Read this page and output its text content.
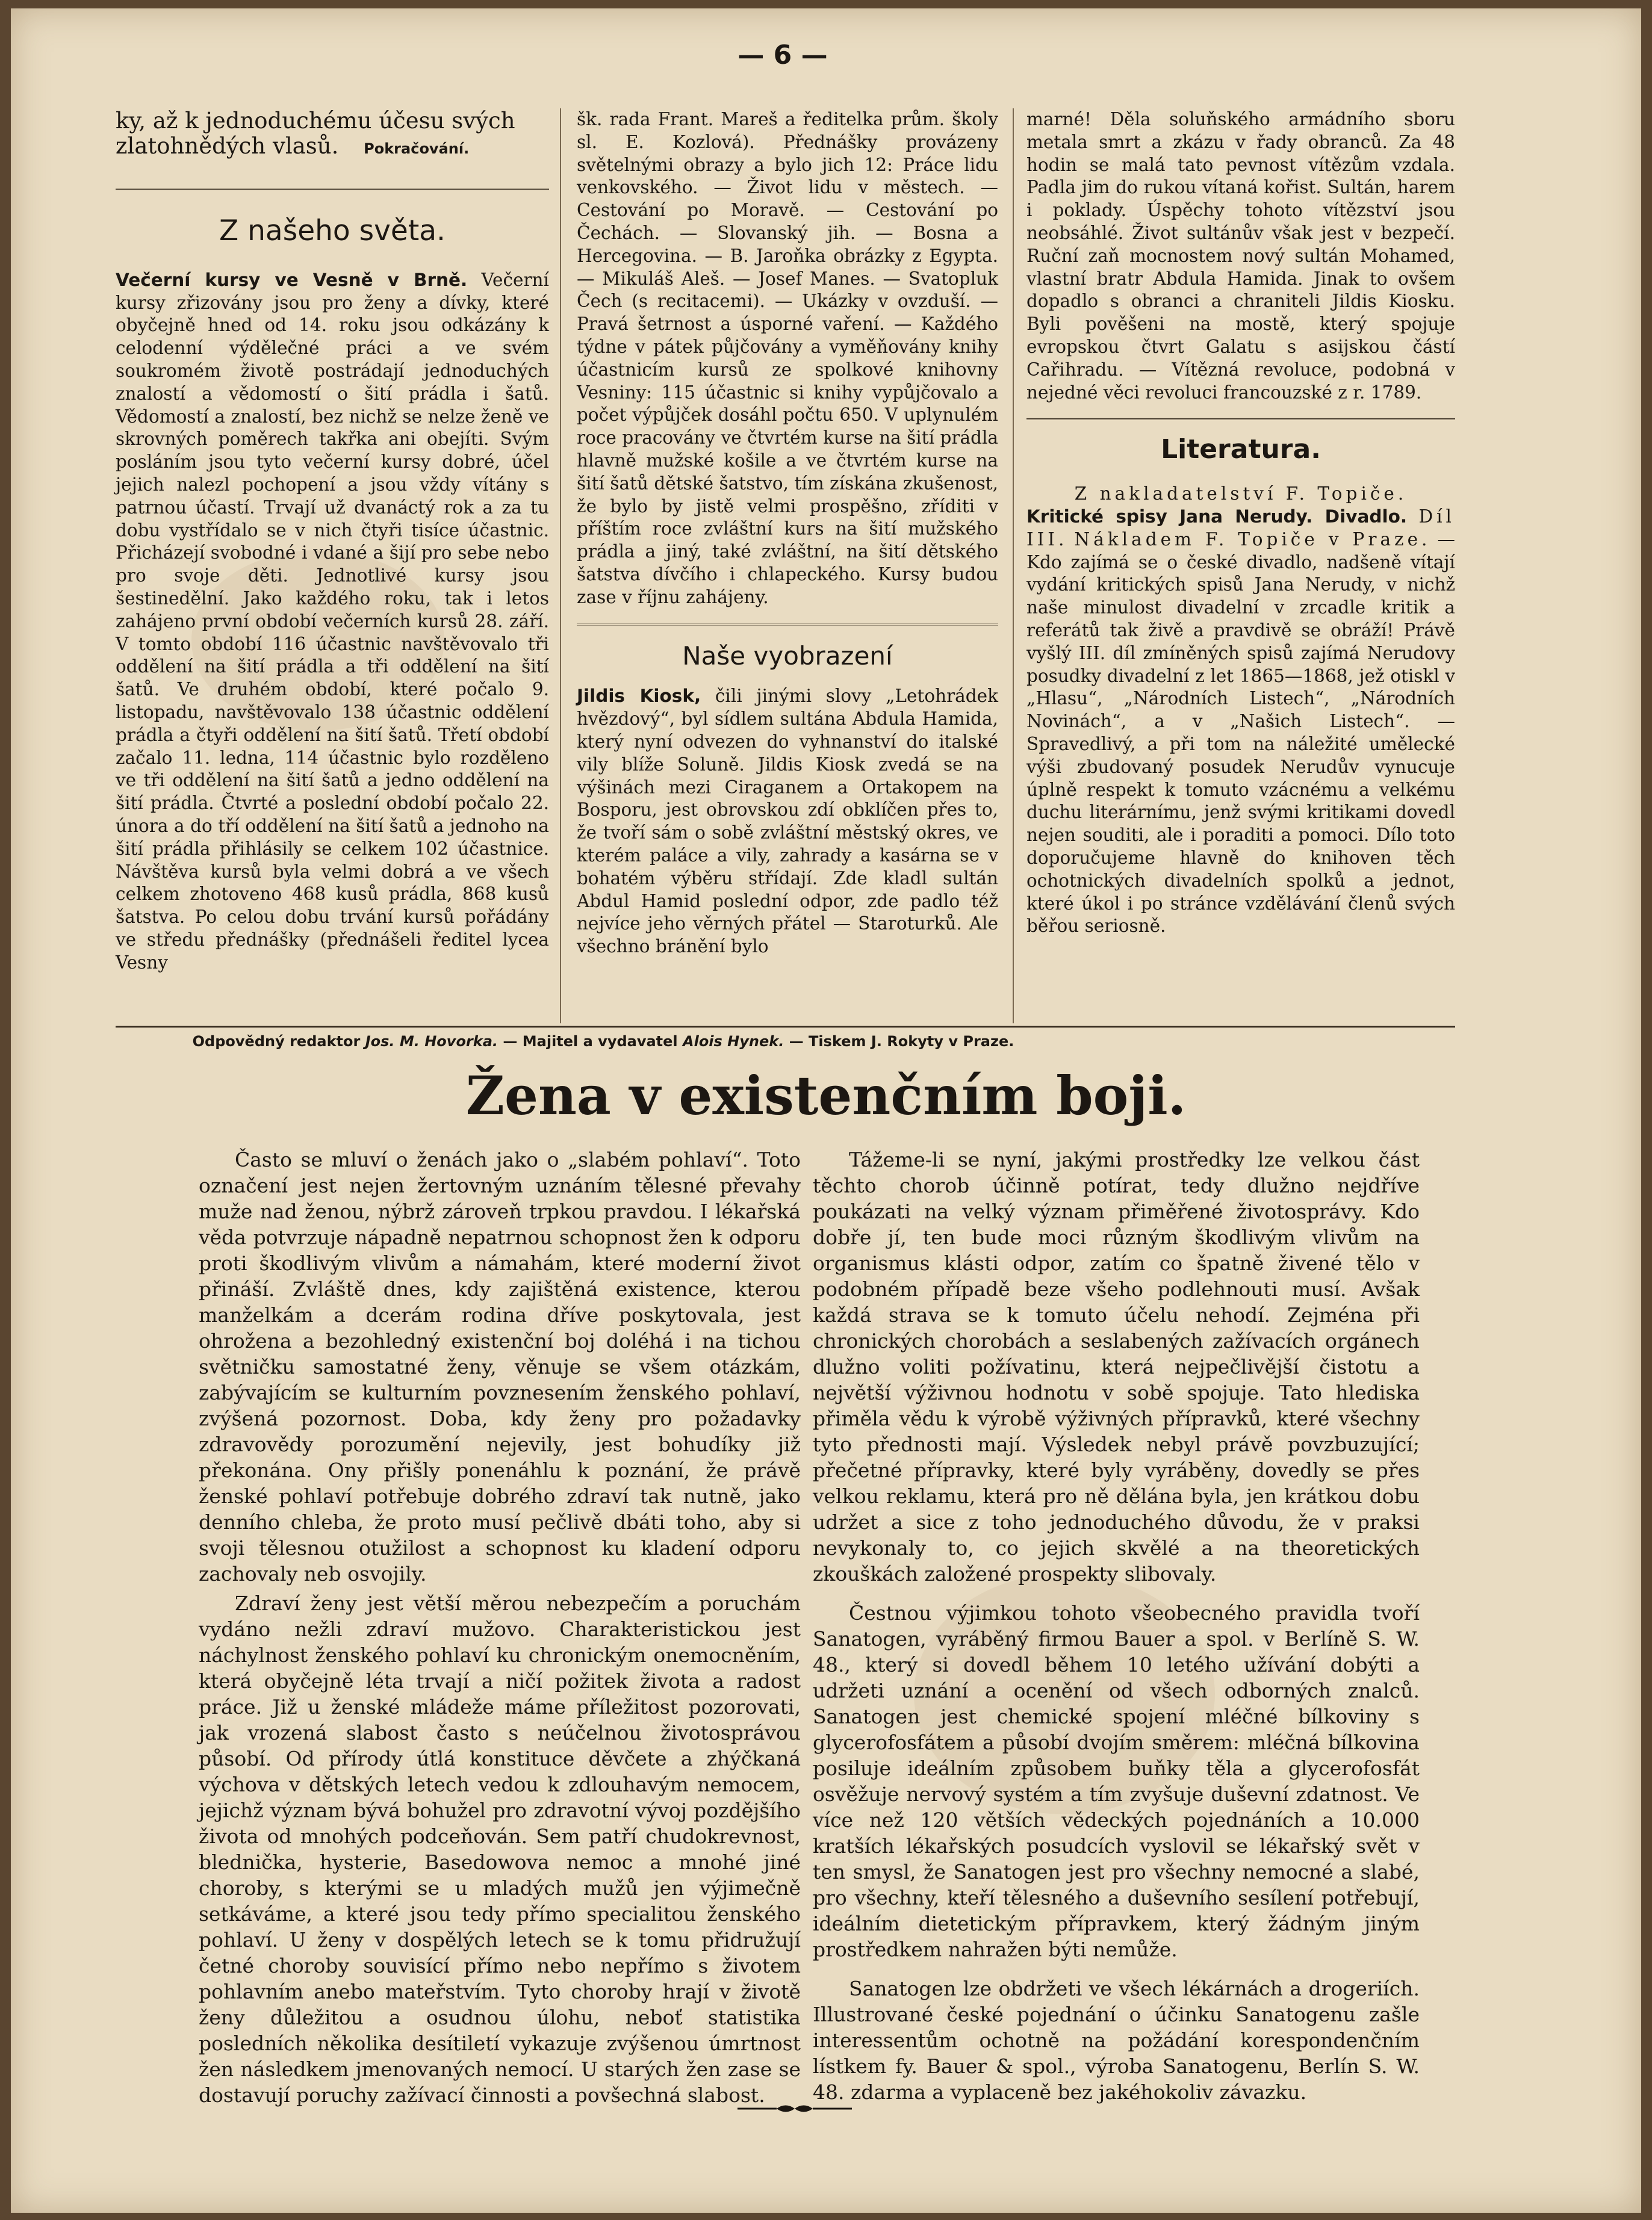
— 6 —

ky, až k jednoduchému účesu svých zlatohnědých vlasů. Pokračování.

Z našeho světa.

Večerní kursy ve Vesně v Brně. Večerní kursy zřizovány jsou pro ženy a dívky, které obyčejně hned od 14. roku jsou odkázány k celodenní výdělečné práci a ve svém soukromém životě postrádají jednoduchých znalostí a vědomostí o šití prádla i šatů. Vědomostí a znalostí, bez nichž se nelze ženě ve skrovných poměrech takřka ani obejíti. Svým posláním jsou tyto večerní kursy dobré, účel jejich nalezl pochopení a jsou vždy vítány s patrnou účastí. Trvají už dvanáctý rok a za tu dobu vystřídalo se v nich čtyři tisíce účastnic. Přicházejí svobodné i vdané a šijí pro sebe nebo pro svoje děti. Jednotlivé kursy jsou šestinedělní. Jako každého roku, tak i letos zahájeno první období večerních kursů 28. září. V tomto období 116 účastnic navštěvovalo tři oddělení na šití prádla a tři oddělení na šití šatů. Ve druhém období, které počalo 9. listopadu, navštěvovalo 138 účastnic oddělení prádla a čtyři oddělení na šití šatů. Třetí období začalo 11. ledna, 114 účastnic bylo rozděleno ve tři oddělení na šití šatů a jedno oddělení na šití prádla. Čtvrté a poslední období počalo 22. února a do tří oddělení na šití šatů a jednoho na šití prádla přihlásily se celkem 102 účastnice. Návštěva kursů byla velmi dobrá a ve všech celkem zhotoveno 468 kusů prádla, 868 kusů šatstva. Po celou dobu trvání kursů pořádány ve středu přednášky (přednášeli ředitel lycea Vesny

šk. rada Frant. Mareš a ředitelka prům. školy sl. E. Kozlová). Přednášky provázeny světelnými obrazy a bylo jich 12: Práce lidu venkovského. — Život lidu v městech. — Cestování po Moravě. — Cestování po Čechách. — Slovanský jih. — Bosna a Hercegovina. — B. Jaroňka obrázky z Egypta. — Mikuláš Aleš. — Josef Manes. — Svatopluk Čech (s recitacemi). — Ukázky v ovzduší. — Pravá šetrnost a úsporné vaření. — Každého týdne v pátek půjčovány a vyměňovány knihy účastnicím kursů ze spolkové knihovny Vesniny: 115 účastnic si knihy vypůjčovalo a počet výpůjček dosáhl počtu 650. V uplynulém roce pracovány ve čtvrtém kurse na šití prádla hlavně mužské košile a ve čtvrtém kurse na šití šatů dětské šatstvo, tím získána zkušenost, že bylo by jistě velmi prospěšno, zříditi v příštím roce zvláštní kurs na šití mužského prádla a jiný, také zvláštní, na šití dětského šatstva dívčího i chlapeckého. Kursy budou zase v říjnu zahájeny.

Naše vyobrazení

Jildis Kiosk, čili jinými slovy „Letohrádek hvězdový“, byl sídlem sultána Abdula Hamida, který nyní odvezen do vyhnanství do italské vily blíže Soluně. Jildis Kiosk zvedá se na výšinách mezi Ciraganem a Ortakopem na Bosporu, jest obrovskou zdí obklíčen přes to, že tvoří sám o sobě zvláštní městský okres, ve kterém paláce a vily, zahrady a kasárna se v bohatém výběru střídají. Zde kladl sultán Abdul Hamid poslední odpor, zde padlo též nejvíce jeho věrných přátel — Staroturků. Ale všechno bránění bylo

marné! Děla soluňského armádního sboru metala smrt a zkázu v řady obranců. Za 48 hodin se malá tato pevnost vítězům vzdala. Padla jim do rukou vítaná kořist. Sultán, harem i poklady. Úspěchy tohoto vítězství jsou neobsáhlé. Život sultánův však jest v bezpečí. Ruční zaň mocnostem nový sultán Mohamed, vlastní bratr Abdula Hamida. Jinak to ovšem dopadlo s obranci a chraniteli Jildis Kiosku. Byli pověšeni na mostě, který spojuje evropskou čtvrt Galatu s asijskou částí Cařihradu. — Vítězná revoluce, podobná v nejedné věci revoluci francouzské z r. 1789.

Literatura.

Z nakladatelství F. Topiče.

Kritické spisy Jana Nerudy. Divadlo. Díl III. Nákladem F. Topiče v Praze. — Kdo zajímá se o české divadlo, nadšeně vítají vydání kritických spisů Jana Nerudy, v nichž naše minulost divadelní v zrcadle kritik a referátů tak živě a pravdivě se obráží! Právě vyšlý III. díl zmíněných spisů zajímá Nerudovy posudky divadelní z let 1865—1868, jež otiskl v „Hlasu“, „Národních Listech“, „Národních Novinách“, a v „Našich Listech“. — Spravedlivý, a při tom na náležité umělecké výši zbudovaný posudek Nerudův vynucuje úplně respekt k tomuto vzácnému a velkému duchu literárnímu, jenž svými kritikami dovedl nejen souditi, ale i poraditi a pomoci. Dílo toto doporučujeme hlavně do knihoven těch ochotnických divadelních spolků a jednot, které úkol i po stránce vzdělávání členů svých běřou seriosně.

Odpovědný redaktor Jos. M. Hovorka. — Majitel a vydavatel Alois Hynek. — Tiskem J. Rokyty v Praze.
Žena v existenčním boji.

Často se mluví o ženách jako o „slabém pohlaví“. Toto označení jest nejen žertovným uznáním tělesné převahy muže nad ženou, nýbrž zároveň trpkou pravdou. I lékařská věda potvrzuje nápadně nepatrnou schopnost žen k odporu proti škodlivým vlivům a námahám, které moderní život přináší. Zvláště dnes, kdy zajištěná existence, kterou manželkám a dcerám rodina dříve poskytovala, jest ohrožena a bezohledný existenční boj doléhá i na tichou světničku samostatné ženy, věnuje se všem otázkám, zabývajícím se kulturním povznesením ženského pohlaví, zvýšená pozornost. Doba, kdy ženy pro požadavky zdravovědy porozumění nejevily, jest bohudíky již překonána. Ony přišly ponenáhlu k poznání, že právě ženské pohlaví potřebuje dobrého zdraví tak nutně, jako denního chleba, že proto musí pečlivě dbáti toho, aby si svoji tělesnou otužilost a schopnost ku kladení odporu zachovaly neb osvojily.

Zdraví ženy jest větší měrou nebezpečím a poruchám vydáno nežli zdraví mužovo. Charakteristickou jest náchylnost ženského pohlaví ku chronickým onemocněním, která obyčejně léta trvají a ničí požitek života a radost práce. Již u ženské mládeže máme příležitost pozorovati, jak vrozená slabost často s neúčelnou životosprávou působí. Od přírody útlá konstituce děvčete a zhýčkaná výchova v dětských letech vedou k zdlouhavým nemocem, jejichž význam bývá bohužel pro zdravotní vývoj pozdějšího života od mnohých podceňován. Sem patří chudokrevnost, blednička, hysterie, Basedowova nemoc a mnohé jiné choroby, s kterými se u mladých mužů jen výjimečně setkáváme, a které jsou tedy přímo specialitou ženského pohlaví. U ženy v dospělých letech se k tomu přidružují četné choroby souvisící přímo nebo nepřímo s životem pohlavním anebo mateřstvím. Tyto choroby hrají v životě ženy důležitou a osudnou úlohu, neboť statistika posledních několika desítiletí vykazuje zvýšenou úmrtnost žen následkem jmenovaných nemocí. U starých žen zase se dostavují poruchy zažívací činnosti a povšechná slabost.

Tážeme-li se nyní, jakými prostředky lze velkou část těchto chorob účinně potírat, tedy dlužno nejdříve poukázati na velký význam přiměřené životosprávy. Kdo dobře jí, ten bude moci různým škodlivým vlivům na organismus klásti odpor, zatím co špatně živené tělo v podobném případě beze všeho podlehnouti musí. Avšak každá strava se k tomuto účelu nehodí. Zejména při chronických chorobách a seslabených zažívacích orgánech dlužno voliti požívatinu, která nejpečlivější čistotu a největší výživnou hodnotu v sobě spojuje. Tato hlediska přiměla vědu k výrobě výživných přípravků, které všechny tyto přednosti mají. Výsledek nebyl právě povzbuzující; přečetné přípravky, které byly vyráběny, dovedly se přes velkou reklamu, která pro ně dělána byla, jen krátkou dobu udržet a sice z toho jednoduchého důvodu, že v praksi nevykonaly to, co jejich skvělé a na theoretických zkouškách založené prospekty slibovaly.

Čestnou výjimkou tohoto všeobecného pravidla tvoří Sanatogen, vyráběný firmou Bauer a spol. v Berlíně S. W. 48., který si dovedl během 10 letého užívání dobýti a udržeti uznání a ocenění od všech odborných znalců. Sanatogen jest chemické spojení mléčné bílkoviny s glycerofosfátem a působí dvojím směrem: mléčná bílkovina posiluje ideálním způsobem buňky těla a glycerofosfát osvěžuje nervový systém a tím zvyšuje duševní zdatnost. Ve více než 120 větších vědeckých pojednáních a 10.000 kratších lékařských posudcích vyslovil se lékařský svět v ten smysl, že Sanatogen jest pro všechny nemocné a slabé, pro všechny, kteří tělesného a duševního sesílení potřebují, ideálním dietetickým přípravkem, který žádným jiným prostředkem nahražen býti nemůže.

Sanatogen lze obdržeti ve všech lékárnách a drogeriích. Illustrované české pojednání o účinku Sanatogenu zašle interessentům ochotně na požádání korespondenčním lístkem fy. Bauer & spol., výroba Sanatogenu, Berlín S. W. 48. zdarma a vyplaceně bez jakéhokoliv závazku.
